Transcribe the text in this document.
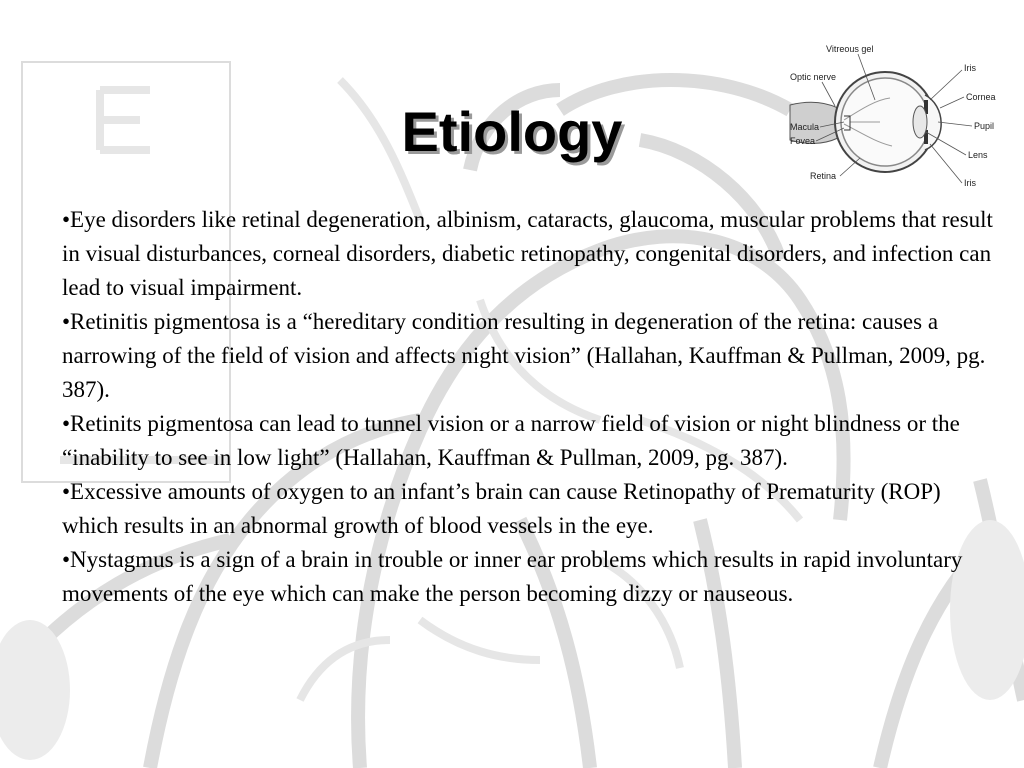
Etiology
Vitreous gel
Optic nerve
Iris
Cornea
Macula
Fovea
Pupil
Lens
Retina
Iris

•Eye disorders like retinal degeneration, albinism, cataracts, glaucoma, muscular problems that result in visual disturbances, corneal disorders, diabetic retinopathy, congenital disorders, and infection can lead to visual impairment.

•Retinitis pigmentosa is a “hereditary condition resulting in degeneration of the retina: causes a narrowing of the field of vision and affects night vision” (Hallahan, Kauffman & Pullman, 2009, pg. 387).

•Retinits pigmentosa can lead to tunnel vision or a narrow field of vision or night blindness or the “inability to see in low light” (Hallahan, Kauffman & Pullman, 2009, pg. 387).

•Excessive amounts of oxygen to an infant’s brain can cause Retinopathy of Prematurity (ROP) which results in an abnormal growth of blood vessels in the eye.

•Nystagmus is a sign of a brain in trouble or inner ear problems which results in rapid involuntary movements of the eye which can make the person becoming dizzy or nauseous.
